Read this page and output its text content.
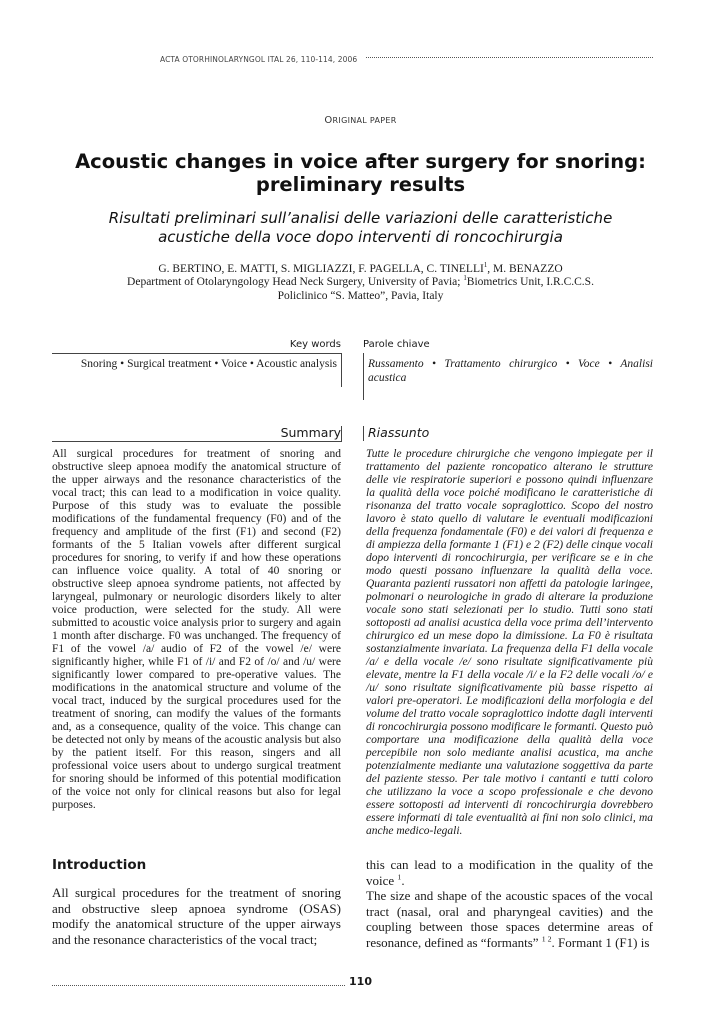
ACTA OTORHINOLARYNGOL ITAL 26, 110-114, 2006
ORIGINAL PAPER
Acoustic changes in voice after surgery for snoring:
preliminary results
Risultati preliminari sull’analisi delle variazioni delle caratteristiche
acustiche della voce dopo interventi di roncochirurgia
G. BERTINO, E. MATTI, S. MIGLIAZZI, F. PAGELLA, C. TINELLI$^1$, M. BENAZZO
Department of Otolaryngology Head Neck Surgery, University of Pavia; $^1$Biometrics Unit, I.R.C.C.S.
Policlinico “S. Matteo”, Pavia, Italy
Key words
Snoring • Surgical treatment • Voice • Acoustic analysis
Parole chiave
Russamento • Trattamento chirurgico • Voce • Analisi acustica
Summary Riassunto
All surgical procedures for treatment of snoring and obstructive sleep apnoea modify the anatomical structure of the upper airways and the resonance characteristics of the vocal tract; this can lead to a modification in voice quality. Purpose of this study was to evaluate the possible modifications of the fundamental frequency (F0) and of the frequency and amplitude of the first (F1) and second (F2) formants of the 5 Italian vowels after different surgical procedures for snoring, to verify if and how these operations can influence voice quality. A total of 40 snoring or obstructive sleep apnoea syndrome patients, not affected by laryngeal, pulmonary or neurologic disorders likely to alter voice production, were selected for the study. All were submitted to acoustic voice analysis prior to surgery and again 1 month after discharge. F0 was unchanged. The frequency of F1 of the vowel /a/ audio of F2 of the vowel /e/ were significantly higher, while F1 of /i/ and F2 of /o/ and /u/ were significantly lower compared to pre-operative values. The modifications in the anatomical structure and volume of the vocal tract, induced by the surgical procedures used for the treatment of snoring, can modify the values of the formants and, as a consequence, quality of the voice. This change can be detected not only by means of the acoustic analysis but also by the patient itself. For this reason, singers and all professional voice users about to undergo surgical treatment for snoring should be informed of this potential modification of the voice not only for clinical reasons but also for legal purposes.
Tutte le procedure chirurgiche che vengono impiegate per il trattamento del paziente roncopatico alterano le strutture delle vie respiratorie superiori e possono quindi influenzare la qualità della voce poiché modificano le caratteristiche di risonanza del tratto vocale sopraglottico. Scopo del nostro lavoro è stato quello di valutare le eventuali modificazioni della frequenza fondamentale (F0) e dei valori di frequenza e di ampiezza della formante 1 (F1) e 2 (F2) delle cinque vocali dopo interventi di roncochirurgia, per verificare se e in che modo questi possano influenzare la qualità della voce. Quaranta pazienti russatori non affetti da patologie laringee, polmonari o neurologiche in grado di alterare la produzione vocale sono stati selezionati per lo studio. Tutti sono stati sottoposti ad analisi acustica della voce prima dell’intervento chirurgico ed un mese dopo la dimissione. La F0 è risultata sostanzialmente invariata. La frequenza della F1 della vocale /a/ e della vocale /e/ sono risultate significativamente più elevate, mentre la F1 della vocale /i/ e la F2 delle vocali /o/ e /u/ sono risultate significativamente più basse rispetto ai valori pre-operatori. Le modificazioni della morfologia e del volume del tratto vocale sopraglottico indotte dagli interventi di roncochirurgia possono modificare le formanti. Questo può comportare una modificazione della qualità della voce percepibile non solo mediante analisi acustica, ma anche potenzialmente mediante una valutazione soggettiva da parte del paziente stesso. Per tale motivo i cantanti e tutti coloro che utilizzano la voce a scopo professionale e che devono essere sottoposti ad interventi di roncochirurgia dovrebbero essere informati di tale eventualità ai fini non solo clinici, ma anche medico-legali.
Introduction
All surgical procedures for the treatment of snoring and obstructive sleep apnoea syndrome (OSAS) modify the anatomical structure of the upper airways and the resonance characteristics of the vocal tract;

this can lead to a modification in the quality of the voice $^1$.

The size and shape of the acoustic spaces of the vocal tract (nasal, oral and pharyngeal cavities) and the coupling between those spaces determine areas of resonance, defined as “formants” $^{1 2}$. Formant 1 (F1) is

110
